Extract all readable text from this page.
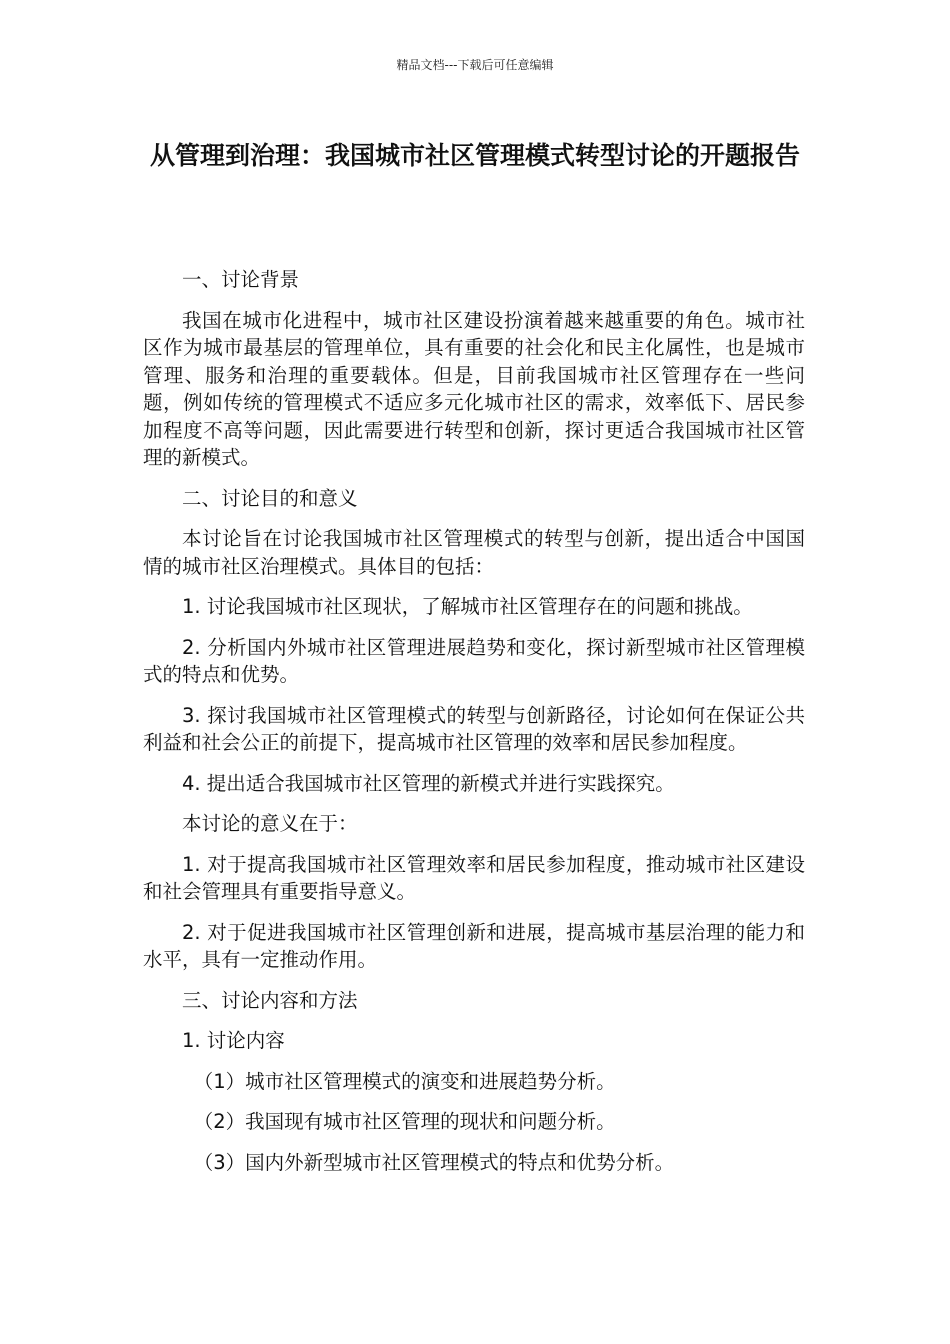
精品文档---下载后可任意编辑
从管理到治理：我国城市社区管理模式转型讨论的开题报告

一、讨论背景

我国在城市化进程中，城市社区建设扮演着越来越重要的角色。城市社区作为城市最基层的管理单位，具有重要的社会化和民主化属性，也是城市管理、服务和治理的重要载体。但是，目前我国城市社区管理存在一些问题，例如传统的管理模式不适应多元化城市社区的需求，效率低下、居民参加程度不高等问题，因此需要进行转型和创新，探讨更适合我国城市社区管理的新模式。

二、讨论目的和意义

本讨论旨在讨论我国城市社区管理模式的转型与创新，提出适合中国国情的城市社区治理模式。具体目的包括：

1. 讨论我国城市社区现状，了解城市社区管理存在的问题和挑战。

2. 分析国内外城市社区管理进展趋势和变化，探讨新型城市社区管理模式的特点和优势。

3. 探讨我国城市社区管理模式的转型与创新路径，讨论如何在保证公共利益和社会公正的前提下，提高城市社区管理的效率和居民参加程度。

4. 提出适合我国城市社区管理的新模式并进行实践探究。

本讨论的意义在于：

1. 对于提高我国城市社区管理效率和居民参加程度，推动城市社区建设和社会管理具有重要指导意义。

2. 对于促进我国城市社区管理创新和进展，提高城市基层治理的能力和水平，具有一定推动作用。

三、讨论内容和方法

1. 讨论内容

（1）城市社区管理模式的演变和进展趋势分析。

（2）我国现有城市社区管理的现状和问题分析。

（3）国内外新型城市社区管理模式的特点和优势分析。
